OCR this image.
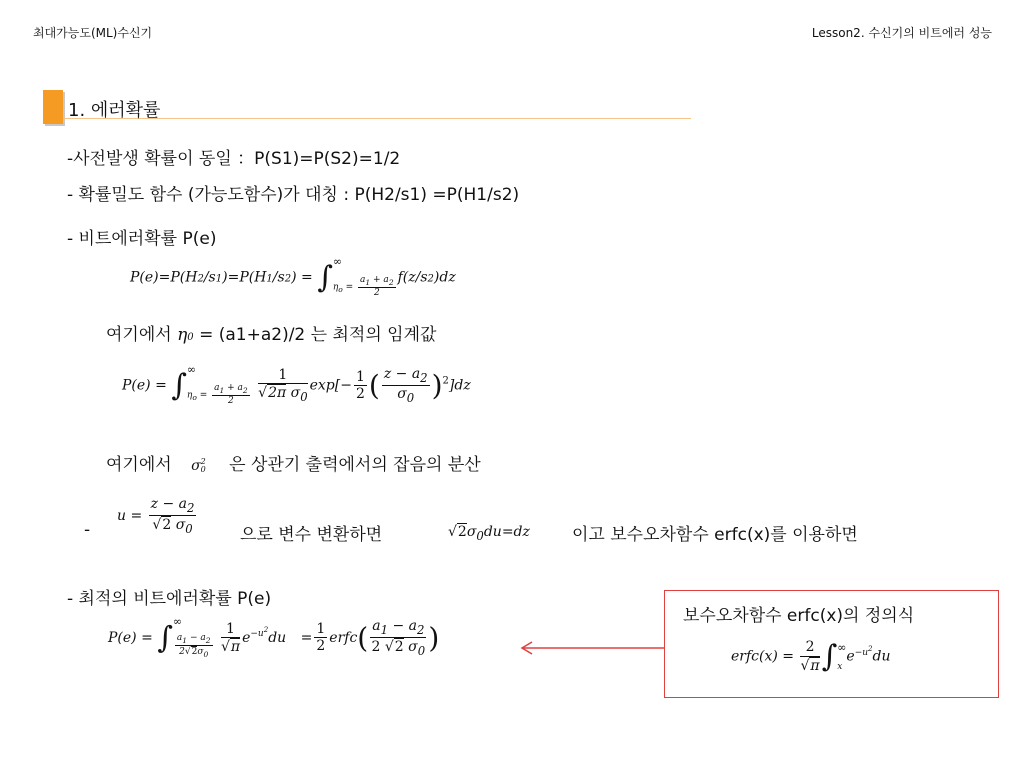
최대가능도(ML)수신기	Lesson2. 수신기의 비트에러 성능
1. 에러확률
-사전발생 확률이 동일 ：P(S1)=P(S2)=1/2
- 확률밀도 함수 (가능도함수)가 대칭 : P(H2/s1) =P(H1/s2)
- 비트에러확률 P(e)
P(e)=P(H2/s1)=P(H1/s2) = ∫ ∞
$\eta_o = \frac{a_1 + a_2}{2} f(z/s2)dz$
여기에서 η0 = (a1+a2)/2 는 최적의 임계값
P(e) = ∫ ∞
$\eta_o = \frac{a_1 + a_2}{2}$
$\frac{1}{√2\pi \sigma_0} \exp[- \frac{1}{2}$ ( $\frac{z - a_2}{\sigma_0} )^2]dz$
여기에서 σ 2
0 은 상관기 출력에서의 잡음의 분산
-
$u = \frac{z - a_2}{√2 \sigma_0}$	으로 변수 변환하면	$√2\sigma_0du=dz$ 이고 보수오차함수 erfc(x)를 이용하면
- 최적의 비트에러확률 P(e)
P(e) = ∫ ∞
$\frac{a_1 - a_2}{2√2\sigma_0}$
$\frac{1}{√\pi} e^{-u^2}du = \frac{1}{2}$ erfc( $\frac{a_1 - a_2}{2 √2 \sigma_0}$ )
보수오차함수 erfc(x)의 정의식
erfc(x) = $\frac{2}{√\pi}$ ∫ ∞
x
$e^{-u^2}du$
